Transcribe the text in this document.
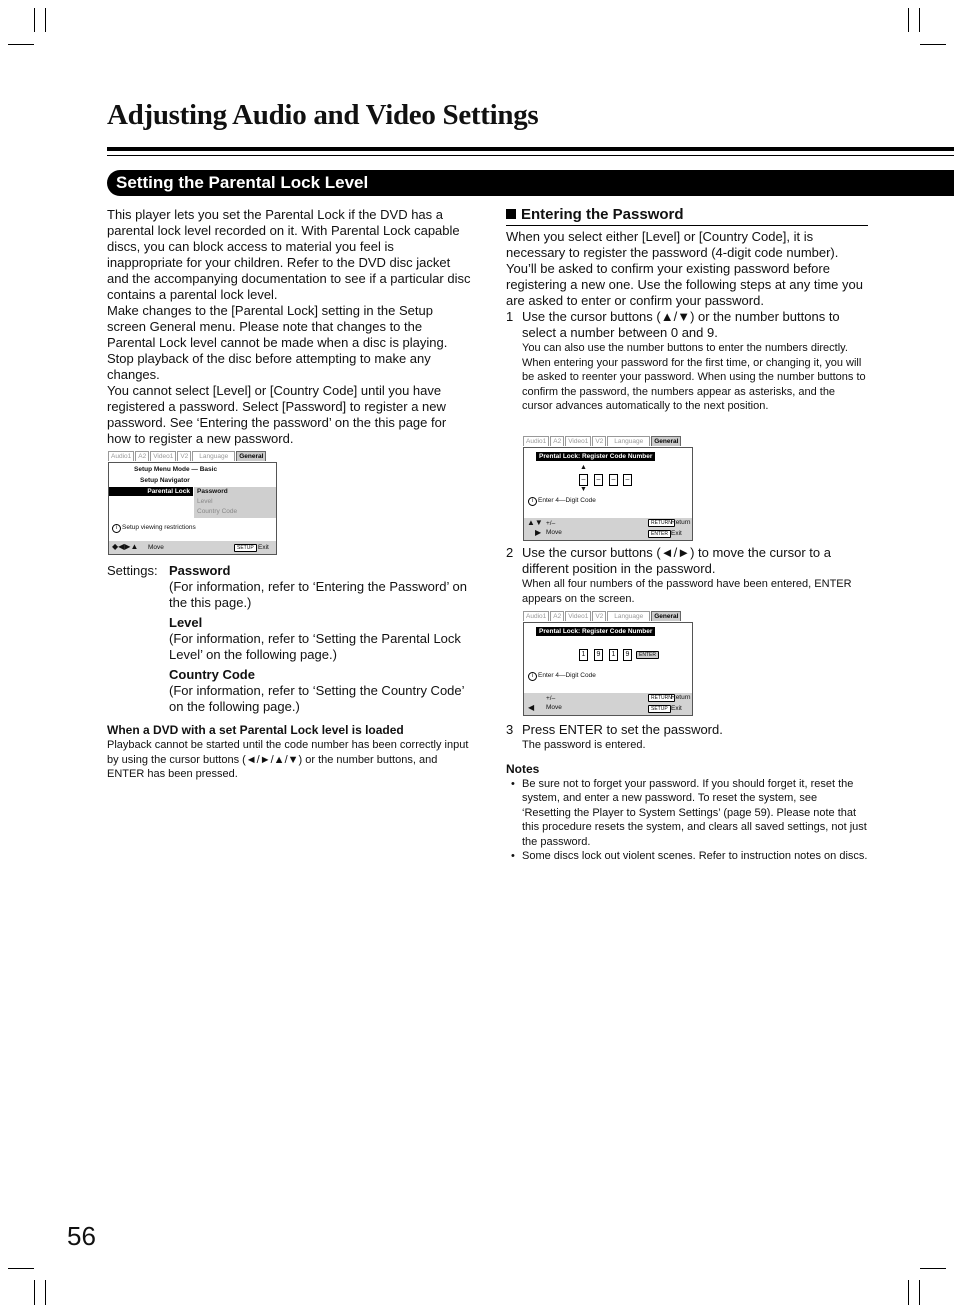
Adjusting Audio and Video Settings
Setting the Parental Lock Level

This player lets you set the Parental Lock if the DVD has a parental lock level recorded on it. With Parental Lock capable discs, you can block access to material you feel is inappropriate for your children. Refer to the DVD disc jacket and the accompanying documentation to see if a particular disc contains a parental lock level.

Make changes to the [Parental Lock] setting in the Setup screen General menu. Please note that changes to the Parental Lock level cannot be made when a disc is playing. Stop playback of the disc before attempting to make any changes.

You cannot select [Level] or [Country Code] until you have registered a password. Select [Password] to register a new password. See ‘Entering the password’ on the this page for how to register a new password.

Audio1	A2	Video1	V2	Language	General
Setup Menu Mode — Basic
Setup Navigator
Parental Lock	Password
Level
Country Code
i Setup viewing restrictions
◆◀▶▲ Move	SETUP Exit
Settings: Password
(For information, refer to ‘Entering the Password’ on the this page.)
Level
(For information, refer to ‘Setting the Parental Lock Level’ on the following page.)
Country Code
(For information, refer to ‘Setting the Country Code’ on the following page.)
When a DVD with a set Parental Lock level is loaded
Playback cannot be started until the code number has been correctly input by using the cursor buttons (◄/►/▲/▼) or the number buttons, and ENTER has been pressed.
Entering the Password

When you select either [Level] or [Country Code], it is necessary to register the password (4-digit code number). You’ll be asked to confirm your existing password before registering a new one. Use the following steps at any time you are asked to enter or confirm your password.

1 Use the cursor buttons (▲/▼) or the number buttons to select a number between 0 and 9.
You can also use the number buttons to enter the numbers directly. When entering your password for the first time, or changing it, you will be asked to reenter your password. When using the number buttons to confirm the password, the numbers appear as asterisks, and the cursor advances automatically to the next position.
Audio1	A2	Video1	V2	Language	General
Prental Lock: Register Code Number
▲
–	–	–	–
▼
i Enter 4—Digit Code
▲▼ +/–
▶ Move
RETURN Return
ENTER Exit
2 Use the cursor buttons (◄/►) to move the cursor to a different position in the password.
When all four numbers of the password have been entered, ENTER appears on the screen.
Audio1	A2	Video1	V2	Language	General
Prental Lock: Register Code Number
1	9	1	9	ENTER
i Enter 4—Digit Code
+/–
◀ Move
RETURN Return
SETUP Exit
3 Press ENTER to set the password.
The password is entered.
Notes
• Be sure not to forget your password. If you should forget it, reset the system, and enter a new password. To reset the system, see ‘Resetting the Player to System Settings’ (page 59). Please note that this procedure resets the system, and clears all saved settings, not just the password.
• Some discs lock out violent scenes. Refer to instruction notes on discs.
56
